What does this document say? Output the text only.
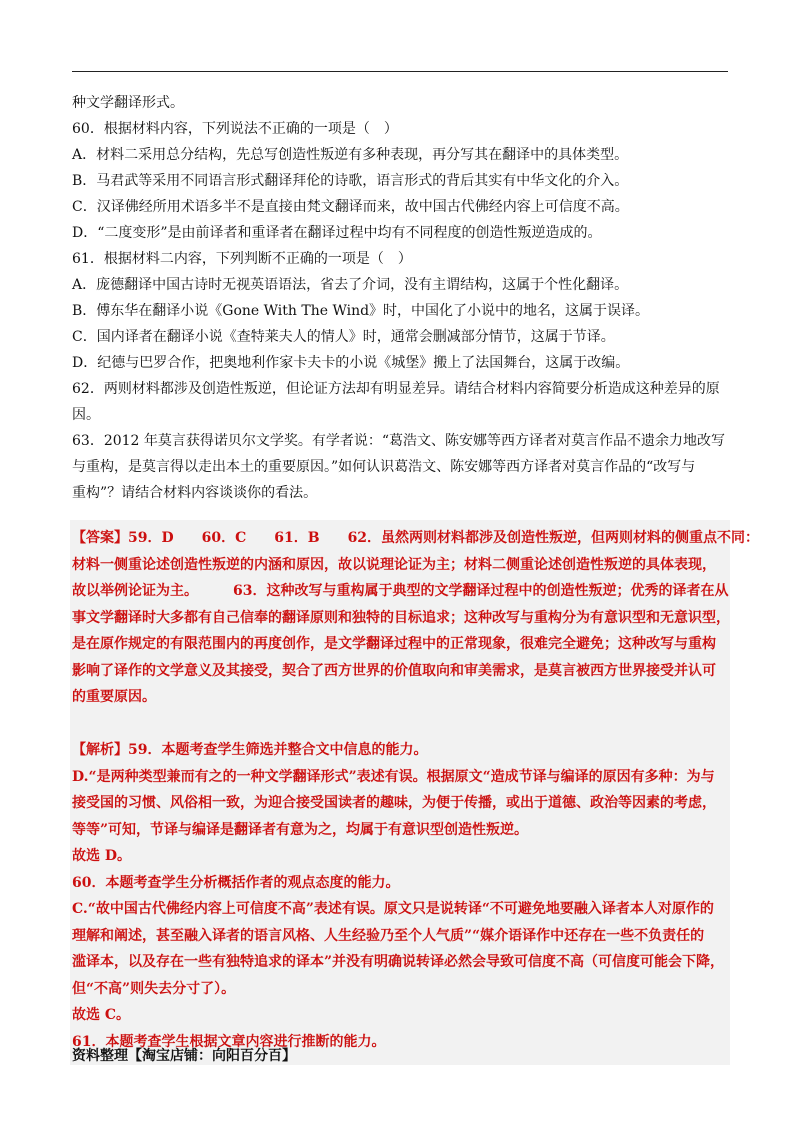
种文学翻译形式。
60．根据材料内容，下列说法不正确的一项是（　）
A．材料二采用总分结构，先总写创造性叛逆有多种表现，再分写其在翻译中的具体类型。
B．马君武等采用不同语言形式翻译拜伦的诗歌，语言形式的背后其实有中华文化的介入。
C．汉译佛经所用术语多半不是直接由梵文翻译而来，故中国古代佛经内容上可信度不高。
D．“二度变形”是由前译者和重译者在翻译过程中均有不同程度的创造性叛逆造成的。
61．根据材料二内容，下列判断不正确的一项是（　）
A．庞德翻译中国古诗时无视英语语法，省去了介词，没有主谓结构，这属于个性化翻译。
B．傅东华在翻译小说《Gone With The Wind》时，中国化了小说中的地名，这属于误译。
C．国内译者在翻译小说《查特莱夫人的情人》时，通常会删减部分情节，这属于节译。
D．纪德与巴罗合作，把奥地利作家卡夫卡的小说《城堡》搬上了法国舞台，这属于改编。
62．两则材料都涉及创造性叛逆，但论证方法却有明显差异。请结合材料内容简要分析造成这种差异的原
因。
63．2012 年莫言获得诺贝尔文学奖。有学者说：“葛浩文、陈安娜等西方译者对莫言作品不遗余力地改写
与重构，是莫言得以走出本土的重要原因。”如何认识葛浩文、陈安娜等西方译者对莫言作品的“改写与
重构”？请结合材料内容谈谈你的看法。
【答案】59．D　　60．C　　61．B　　62．虽然两则材料都涉及创造性叛逆，但两则材料的侧重点不同：
材料一侧重论述创造性叛逆的内涵和原因，故以说理论证为主；材料二侧重论述创造性叛逆的具体表现，
故以举例论证为主。　　　63．这种改写与重构属于典型的文学翻译过程中的创造性叛逆；优秀的译者在从
事文学翻译时大多都有自己信奉的翻译原则和独特的目标追求；这种改写与重构分为有意识型和无意识型，
是在原作规定的有限范围内的再度创作，是文学翻译过程中的正常现象，很难完全避免；这种改写与重构
影响了译作的文学意义及其接受，契合了西方世界的价值取向和审美需求，是莫言被西方世界接受并认可
的重要原因。

【解析】59．本题考查学生筛选并整合文中信息的能力。
D.“是两种类型兼而有之的一种文学翻译形式”表述有误。根据原文“造成节译与编译的原因有多种：为与
接受国的习惯、风俗相一致，为迎合接受国读者的趣味，为便于传播，或出于道德、政治等因素的考虑，
等等”可知，节译与编译是翻译者有意为之，均属于有意识型创造性叛逆。
故选 D。
60．本题考查学生分析概括作者的观点态度的能力。
C.“故中国古代佛经内容上可信度不高”表述有误。原文只是说转译“不可避免地要融入译者本人对原作的
理解和阐述，甚至融入译者的语言风格、人生经验乃至个人气质”“媒介语译作中还存在一些不负责任的
滥译本，以及存在一些有独特追求的译本”并没有明确说转译必然会导致可信度不高（可信度可能会下降，
但“不高”则失去分寸了）。
故选 C。
61．本题考查学生根据文章内容进行推断的能力。
资料整理【淘宝店铺：向阳百分百】
